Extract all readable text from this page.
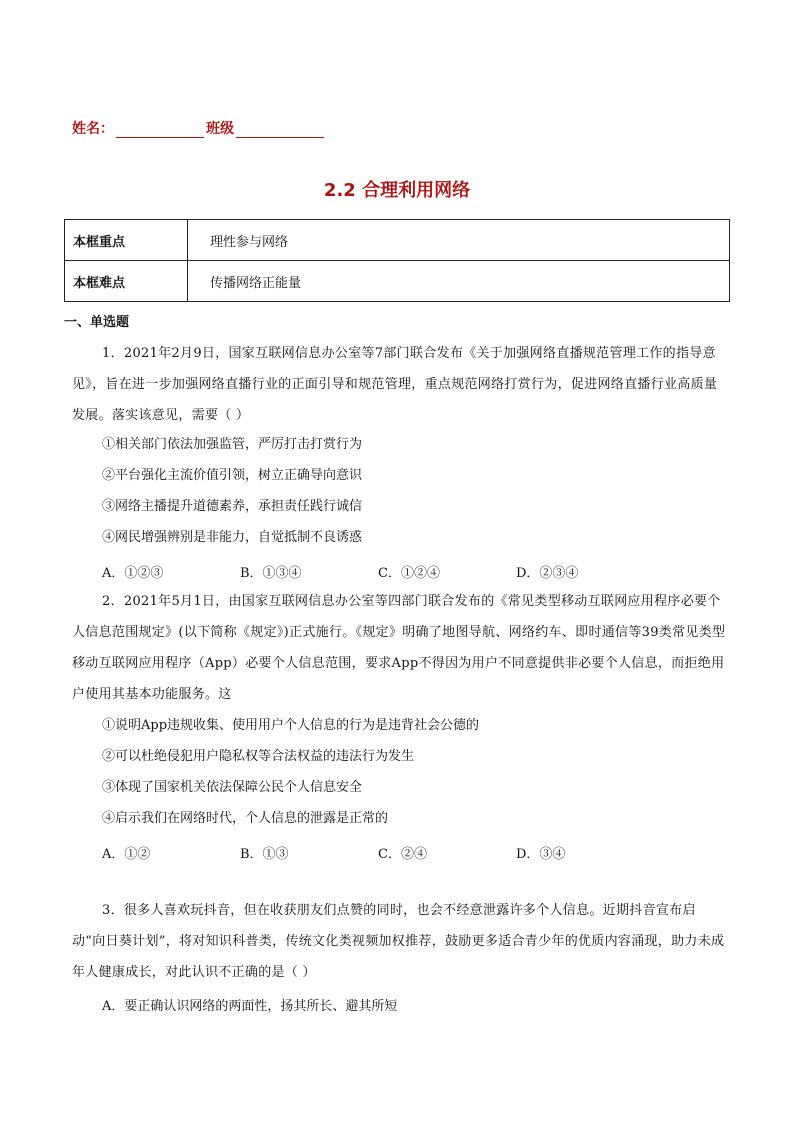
姓名：	班级
2.2 合理利用网络
本框重点	理性参与网络
本框难点	传播网络正能量
一、单选题
1．2021年2月9日，国家互联网信息办公室等7部门联合发布《关于加强网络直播规范管理工作的指导意见》，旨在进一步加强网络直播行业的正面引导和规范管理，重点规范网络打赏行为，促进网络直播行业高质量发展。落实该意见，需要（ ）
①相关部门依法加强监管，严厉打击打赏行为
②平台强化主流价值引领，树立正确导向意识
③网络主播提升道德素养，承担责任践行诚信
④网民增强辨别是非能力，自觉抵制不良诱惑
A．①②③	B．①③④	C．①②④	D．②③④
2．2021年5月1日，由国家互联网信息办公室等四部门联合发布的《常见类型移动互联网应用程序必要个人信息范围规定》(以下简称《规定》)正式施行。《规定》明确了地图导航、网络约车、即时通信等39类常见类型移动互联网应用程序（App）必要个人信息范围，要求App不得因为用户不同意提供非必要个人信息，而拒绝用户使用其基本功能服务。这
①说明App违规收集、使用用户个人信息的行为是违背社会公德的
②可以杜绝侵犯用户隐私权等合法权益的违法行为发生
③体现了国家机关依法保障公民个人信息安全
④启示我们在网络时代，个人信息的泄露是正常的
A．①②	B．①③	C．②④	D．③④
3．很多人喜欢玩抖音，但在收获朋友们点赞的同时，也会不经意泄露许多个人信息。近期抖音宣布启动“向日葵计划”，将对知识科普类，传统文化类视频加权推荐，鼓励更多适合青少年的优质内容涌现，助力未成年人健康成长，对此认识不正确的是（ ）
A．要正确认识网络的两面性，扬其所长、避其所短
